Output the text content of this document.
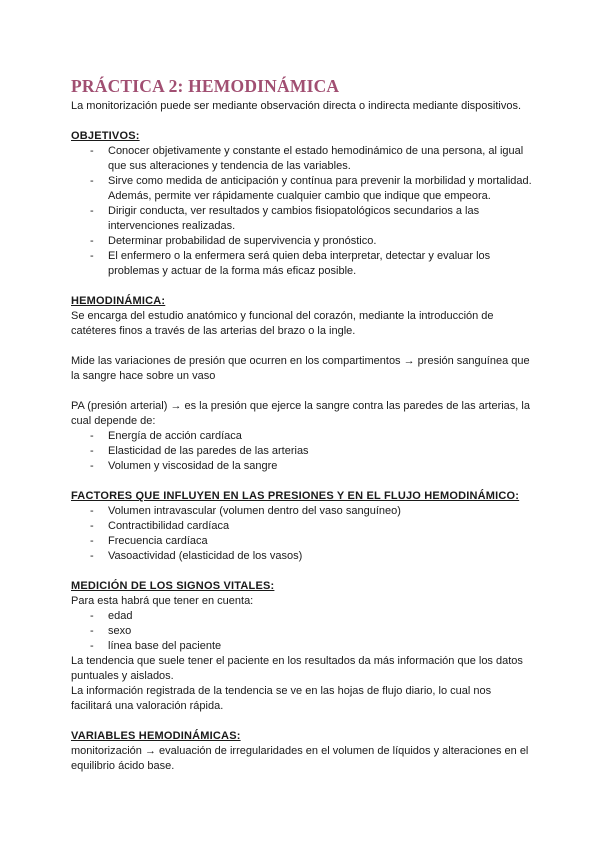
PRÁCTICA 2: HEMODINÁMICA

La monitorización puede ser mediante observación directa o indirecta mediante dispositivos.

OBJETIVOS:
- Conocer objetivamente y constante el estado hemodinámico de una persona, al igual que sus alteraciones y tendencia de las variables.
- Sirve como medida de anticipación y contínua para prevenir la morbilidad y mortalidad. Además, permite ver rápidamente cualquier cambio que indique que empeora.
- Dirigir conducta, ver resultados y cambios fisiopatológicos secundarios a las intervenciones realizadas.
- Determinar probabilidad de supervivencia y pronóstico.
- El enfermero o la enfermera será quien deba interpretar, detectar y evaluar los problemas y actuar de la forma más eficaz posible.
HEMODINÁMICA:

Se encarga del estudio anatómico y funcional del corazón, mediante la introducción de catéteres finos a través de las arterias del brazo o la ingle.

Mide las variaciones de presión que ocurren en los compartimentos → presión sanguínea que la sangre hace sobre un vaso

PA (presión arterial) → es la presión que ejerce la sangre contra las paredes de las arterias, la cual depende de:

- Energía de acción cardíaca
- Elasticidad de las paredes de las arterias
- Volumen y viscosidad de la sangre
FACTORES QUE INFLUYEN EN LAS PRESIONES Y EN EL FLUJO HEMODINÁMICO:
- Volumen intravascular (volumen dentro del vaso sanguíneo)
- Contractibilidad cardíaca
- Frecuencia cardíaca
- Vasoactividad (elasticidad de los vasos)
MEDICIÓN DE LOS SIGNOS VITALES:

Para esta habrá que tener en cuenta:

- edad
- sexo
- línea base del paciente

La tendencia que suele tener el paciente en los resultados da más información que los datos puntuales y aislados.

La información registrada de la tendencia se ve en las hojas de flujo diario, lo cual nos facilitará una valoración rápida.

VARIABLES HEMODINÁMICAS:

monitorización → evaluación de irregularidades en el volumen de líquidos y alteraciones en el equilibrio ácido base.
